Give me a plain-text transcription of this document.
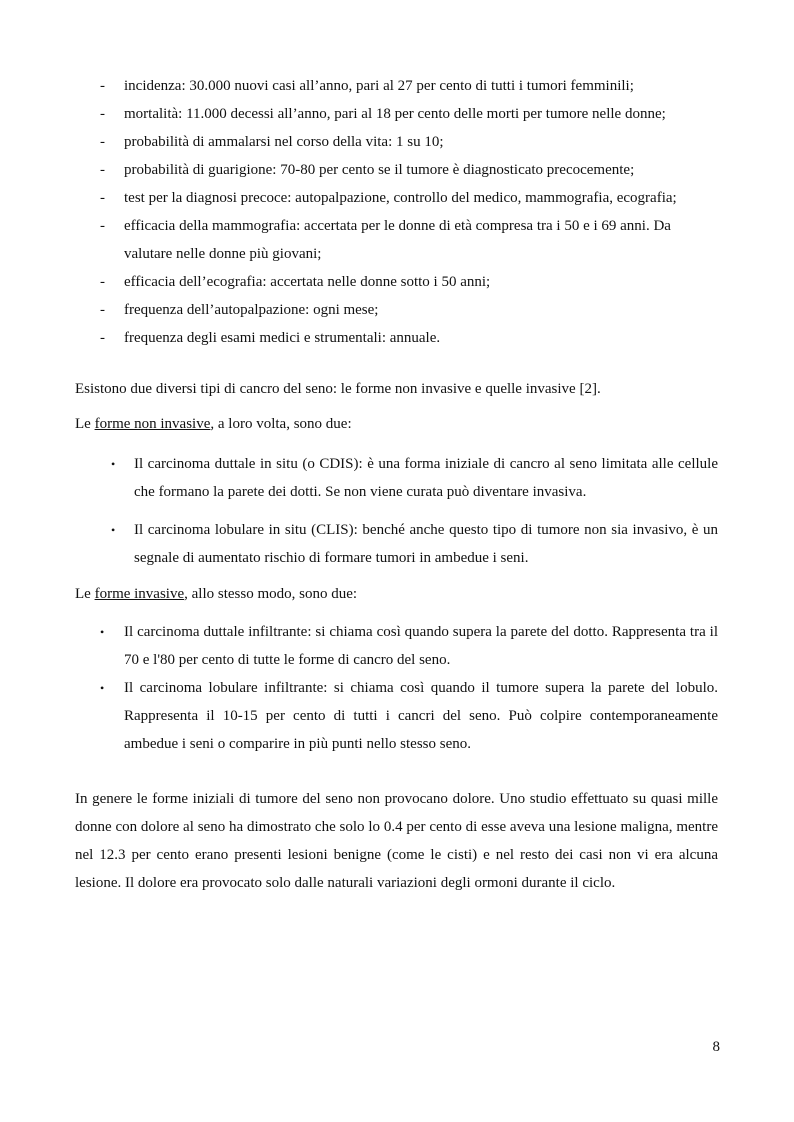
- incidenza: 30.000 nuovi casi all’anno, pari al 27 per cento di tutti i tumori femminili;
- mortalità: 11.000 decessi all’anno, pari al 18 per cento delle morti per tumore nelle donne;
- probabilità di ammalarsi nel corso della vita: 1 su 10;
- probabilità di guarigione: 70-80 per cento se il tumore è diagnosticato precocemente;
- test per la diagnosi precoce: autopalpazione, controllo del medico, mammografia, ecografia;
- efficacia della mammografia: accertata per le donne di età compresa tra i 50 e i 69 anni. Da valutare nelle donne più giovani;
- efficacia dell’ecografia: accertata nelle donne sotto i 50 anni;
- frequenza dell’autopalpazione: ogni mese;
- frequenza degli esami medici e strumentali: annuale.

Esistono due diversi tipi di cancro del seno: le forme non invasive e quelle invasive [2].

Le forme non invasive, a loro volta, sono due:

• Il carcinoma duttale in situ (o CDIS): è una forma iniziale di cancro al seno limitata alle cellule che formano la parete dei dotti. Se non viene curata può diventare invasiva.
• Il carcinoma lobulare in situ (CLIS): benché anche questo tipo di tumore non sia invasivo, è un segnale di aumentato rischio di formare tumori in ambedue i seni.

Le forme invasive, allo stesso modo, sono due:

• Il carcinoma duttale infiltrante: si chiama così quando supera la parete del dotto. Rappresenta tra il 70 e l'80 per cento di tutte le forme di cancro del seno.
• Il carcinoma lobulare infiltrante: si chiama così quando il tumore supera la parete del lobulo. Rappresenta il 10-15 per cento di tutti i cancri del seno. Può colpire contemporaneamente ambedue i seni o comparire in più punti nello stesso seno.

In genere le forme iniziali di tumore del seno non provocano dolore. Uno studio effettuato su quasi mille donne con dolore al seno ha dimostrato che solo lo 0.4 per cento di esse aveva una lesione maligna, mentre nel 12.3 per cento erano presenti lesioni benigne (come le cisti) e nel resto dei casi non vi era alcuna lesione. Il dolore era provocato solo dalle naturali variazioni degli ormoni durante il ciclo.

8
